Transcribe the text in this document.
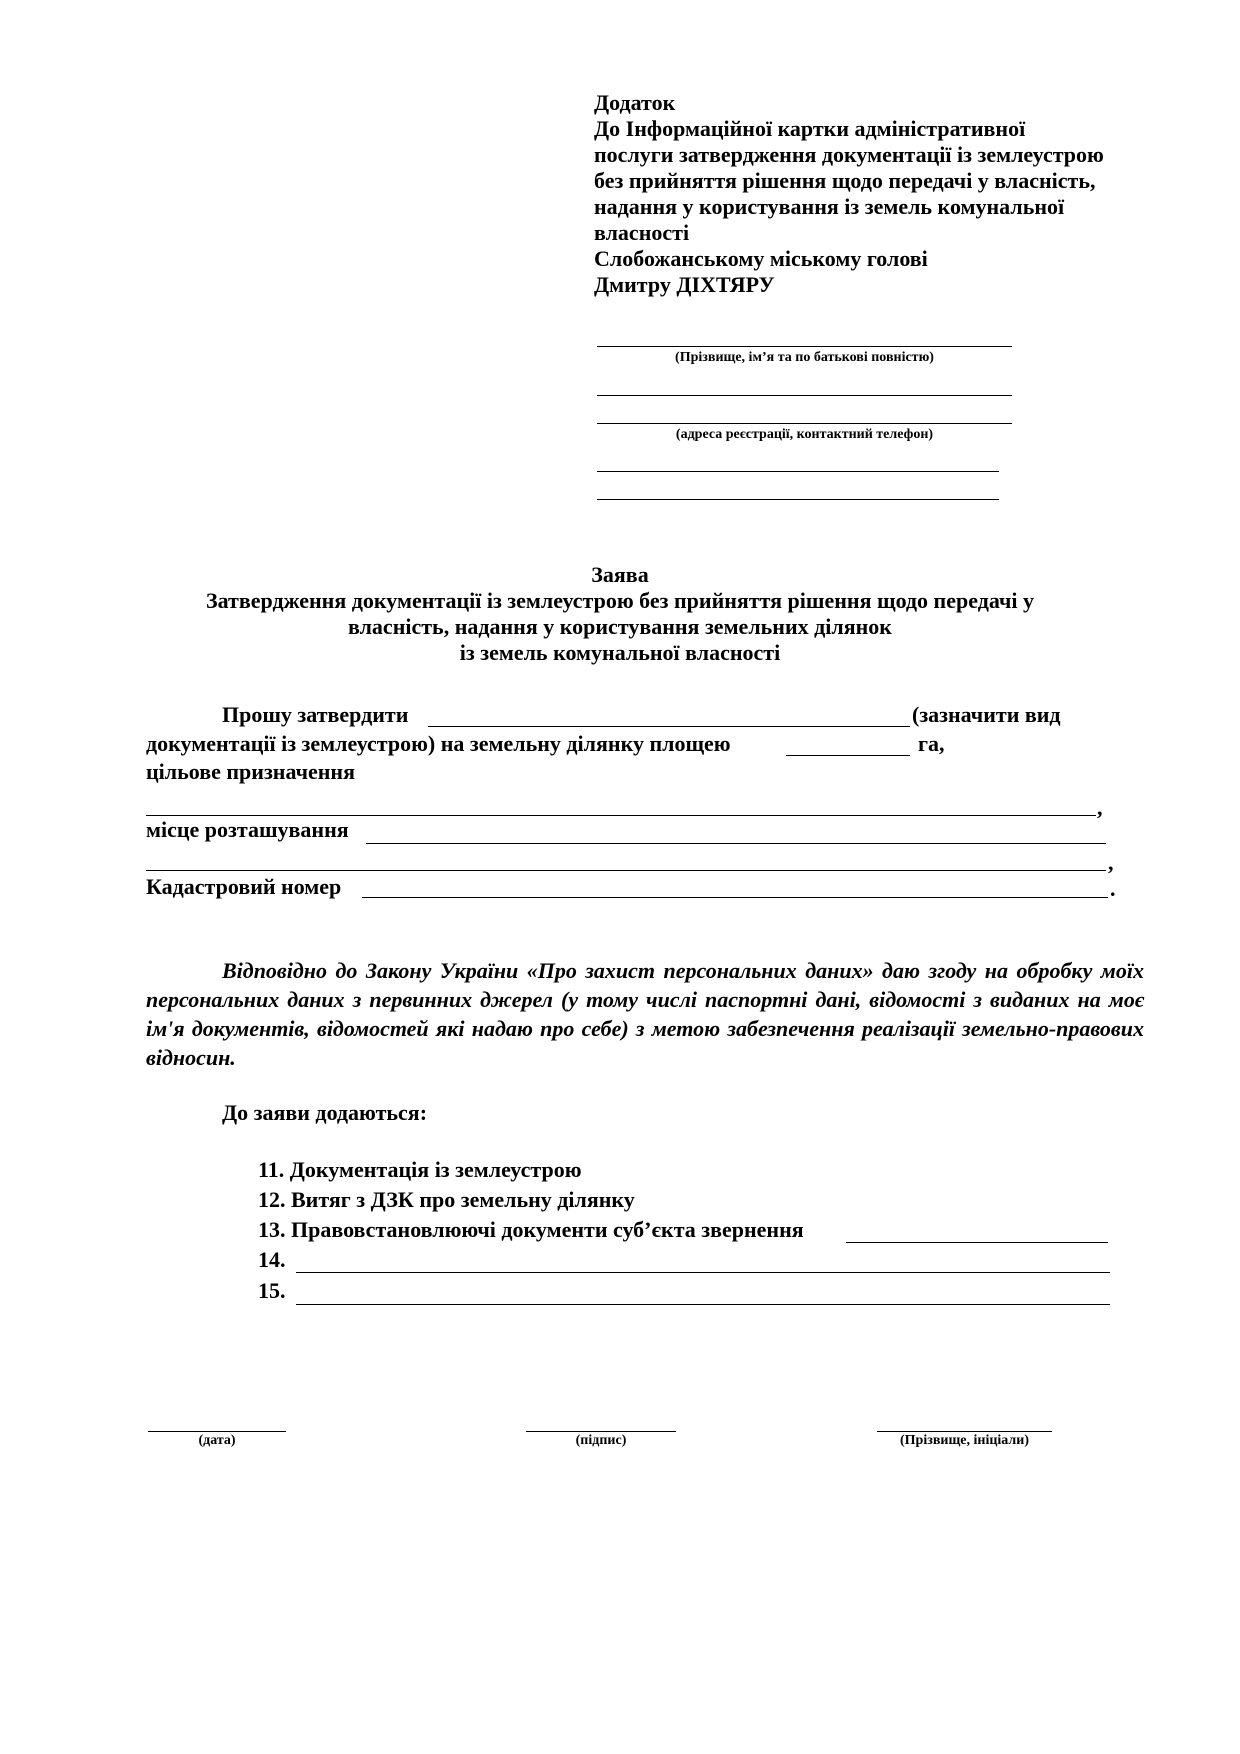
Додаток
До Інформаційної картки адміністративної
послуги затвердження документації із землеустрою
без прийняття рішення щодо передачі у власність,
надання у користування із земель комунальної
власності
Слобожанському міському голові
Дмитру ДІХТЯРУ
(Прізвище, ім’я та по батькові повністю)
(адреса реєстрації, контактний телефон)
Заява
Затвердження документації із землеустрою без прийняття рішення щодо передачі у
власність, надання у користування земельних ділянок
із земель комунальної власності
Прошу затвердити	(зазначити вид
документації із землеустрою) на земельну ділянку площею	га,
цільове призначення
,
місце розташування
,
Кадастровий номер	.
Відповідно до Закону України «Про захист персональних даних» даю згоду на обробку моїх персональних даних з первинних джерел (у тому числі паспортні дані, відомості з виданих на моє ім'я документів, відомостей які надаю про себе) з метою забезпечення реалізації земельно-правових відносин.
До заяви додаються:
11. Документація із землеустрою
12. Витяг з ДЗК про земельну ділянку
13. Правовстановлюючі документи суб’єкта звернення
14.
15.
(дата)	(підпис)	(Прізвище, ініціали)
